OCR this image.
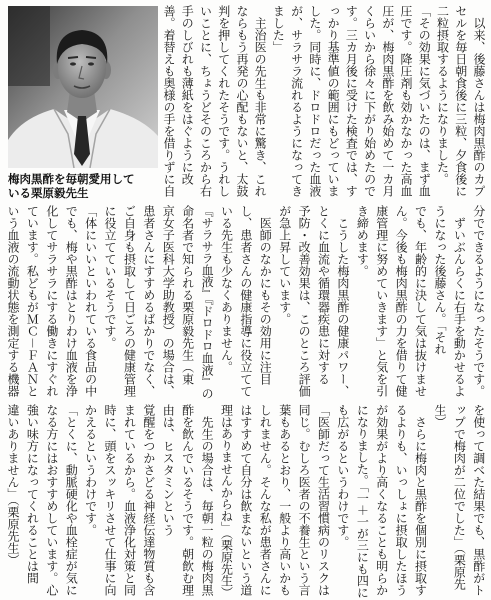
梅肉黒酢を毎朝愛用して
いる栗原毅先生	　以来、後藤さんは梅肉黒酢のカプ
セルを毎日朝食後に三粒、夕食後に
二粒摂取するようになりました。
「その効果に気づいたのは、まず血
圧です。降圧剤も効かなかった高血
圧が、梅肉黒酢を飲み始めて一カ月
くらいから徐々に下がり始めたので
す。三カ月後に受けた検査では、す
っかり基準値の範囲にもどっていま
した。同時に、ドロドロだった血液
が、サラサラ流れるようになってき
ました」
　主治医の先生も非常に驚き、これ
ならもう再発の心配もないと、太鼓
判を押してくれたそうです。うれし
いことに、ちょうどそのころから右
手のしびれも薄紙をはぐように改
善。着替えも奥様の手を借りずに自
分でできるようになったそうです。
　ずいぶんらくに右手を動かせるよ
うになった後藤さん。「それ
でも、年齢的に決して気は抜けませ
ん。今後も梅肉黒酢の力を借りて健
康管理に努めていきます」と気を引
き締めます。
　こうした梅肉黒酢の健康パワー、
とくに血流や循環器疾患に対する
予防・改善効果は、このところ評価
が急上昇しています。
　医師のなかにもその効用に注目
し、患者さんの健康指導に役立てて
いる先生も少なくありません。
『サラサラ血液』『ドロドロ血液』の
命名者で知られる栗原毅先生（東
京女子医科大学助教授）の場合は、
患者さんにすすめるばかりでなく、
ご自身も摂取して日ごろの健康管理
に役立てているそうです。
「体にいいといわれている食品の中
でも、梅や黒酢はとりわけ血液を浄
化してサラサラにする働きにすぐれ
ています。私どもがＭＣ－ＦＡＮと
いう血液の流動状態を測定する機器
を使って調べた結果でも、黒酢がト
ップで梅肉が二位でした」（栗原先
生）
　さらに梅肉と黒酢を個別に摂取す
るよりも、いっしょに摂取したほう
が効果がより高くなることも明らか
になりました。「一＋一が三にも四に
も広がるというわけです。
「医師だって生活習慣病のリスクは
同じ。むしろ医者の不養生という言
葉もあるとおり、一般より高いかも
しれません。そんな私が患者さんに
はすすめて自分は飲まないという道
理はありませんからね」（栗原先生）
　先生の場合は、毎朝一粒の梅肉黒
酢を飲んでいるそうです。朝飲む理
由は、ヒスタミンという
覚醒をつかさどる神経伝達物質も含
まれているから。血液浄化対策と同
時に、頭をスッキリさせて仕事に向
かえるというわけです。
「とくに、動脈硬化や血栓症が気に
なる方にはおすすめしています。心
強い味方になってくれることは間
違いありません」（栗原先生）
